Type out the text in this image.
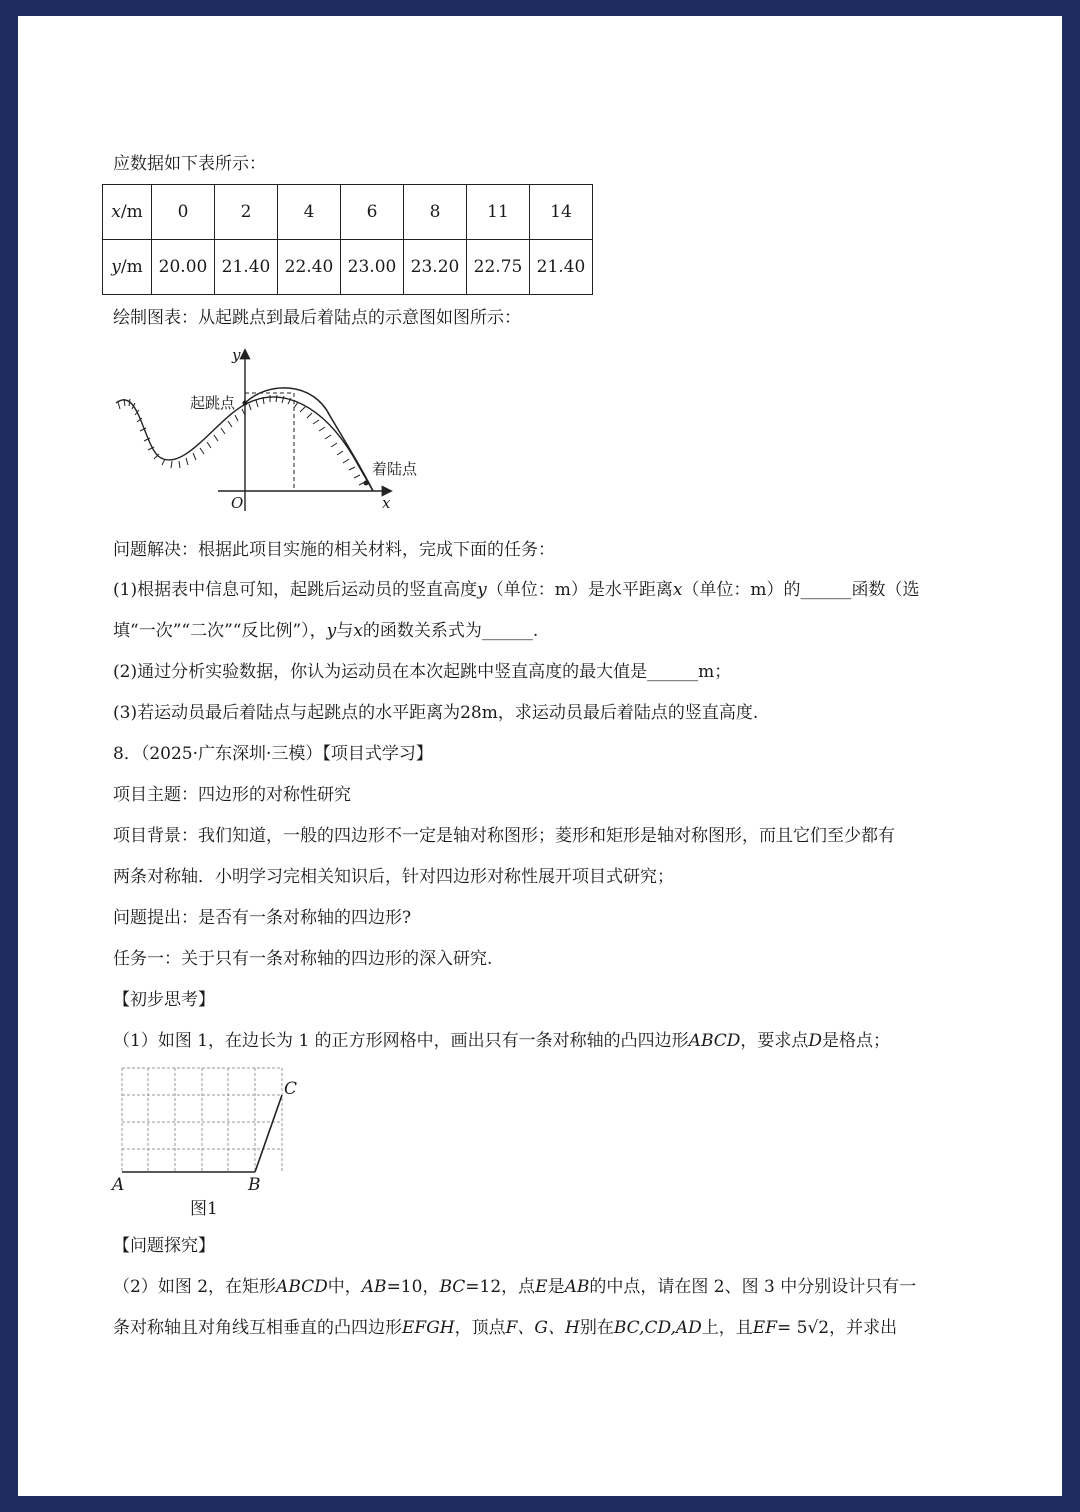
应数据如下表所示：
x/m	0	2	4	6	8	11	14
y/m	20.00	21.40	22.40	23.00	23.20	22.75	21.40
绘制图表：从起跳点到最后着陆点的示意图如图所示：
y
x
O
起跳点
着陆点
问题解决：根据此项目实施的相关材料，完成下面的任务：
(1)根据表中信息可知，起跳后运动员的竖直高度y（单位：m）是水平距离x（单位：m）的______函数（选
填“一次”“二次”“反比例”），y与x的函数关系式为______.
(2)通过分析实验数据，你认为运动员在本次起跳中竖直高度的最大值是______m；
(3)若运动员最后着陆点与起跳点的水平距离为28m，求运动员最后着陆点的竖直高度.
8．（2025·广东深圳·三模）【项目式学习】
项目主题：四边形的对称性研究
项目背景：我们知道，一般的四边形不一定是轴对称图形；菱形和矩形是轴对称图形，而且它们至少都有
两条对称轴．小明学习完相关知识后，针对四边形对称性展开项目式研究；
问题提出：是否有一条对称轴的四边形?
任务一：关于只有一条对称轴的四边形的深入研究.
【初步思考】
（1）如图 1，在边长为 1 的正方形网格中，画出只有一条对称轴的凸四边形ABCD，要求点D是格点；
A	B
C
图1
【问题探究】
（2）如图 2，在矩形ABCD中，AB=10，BC=12，点E是AB的中点，请在图 2、图 3 中分别设计只有一
条对称轴且对角线互相垂直的凸四边形EFGH，顶点F、G、H别在BC,CD,AD上，且EF= 5√2，并求出
